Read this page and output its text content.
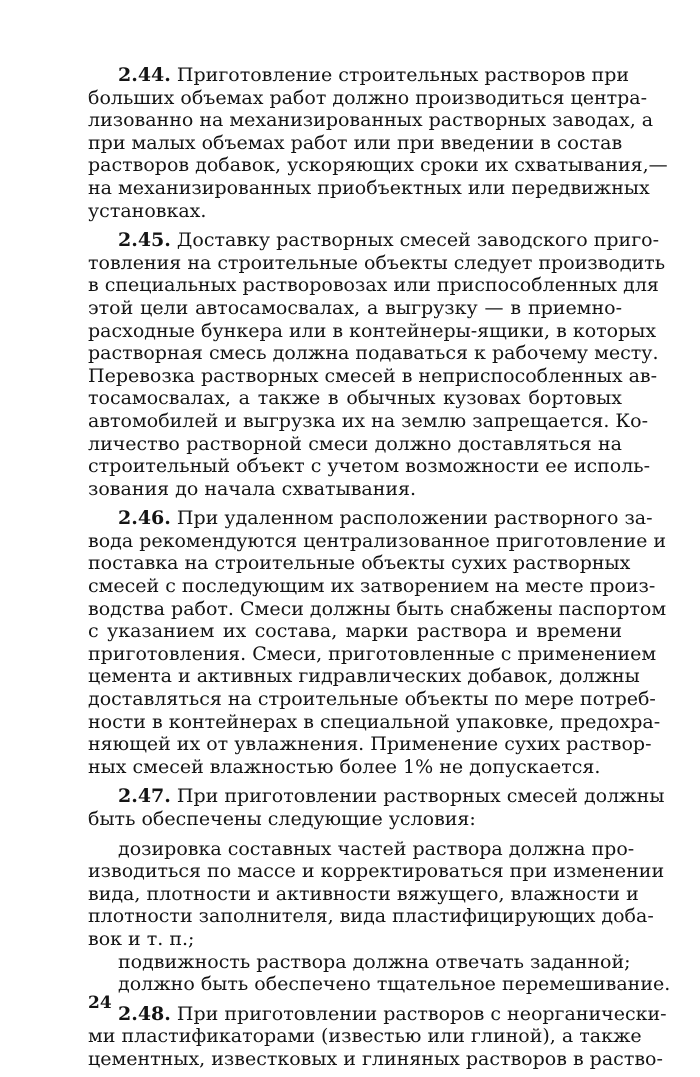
2.44. Приготовление строительных растворов при
больших объемах работ должно производиться центра-
лизованно на механизированных растворных заводах, а
при малых объемах работ или при введении в состав
растворов добавок, ускоряющих сроки их схватывания,—
на механизированных приобъектных или передвижных
установках.
2.45. Доставку растворных смесей заводского приго-
товления на строительные объекты следует производить
в специальных растворовозах или приспособленных для
этой цели автосамосвалах, а выгрузку — в приемно-
расходные бункера или в контейнеры-ящики, в которых
растворная смесь должна подаваться к рабочему месту.
Перевозка растворных смесей в неприспособленных ав-
тосамосвалах, а также в обычных кузовах бортовых
автомобилей и выгрузка их на землю запрещается. Ко-
личество растворной смеси должно доставляться на
строительный объект с учетом возможности ее исполь-
зования до начала схватывания.
2.46. При удаленном расположении растворного за-
вода рекомендуются централизованное приготовление и
поставка на строительные объекты сухих растворных
смесей с последующим их затворением на месте произ-
водства работ. Смеси должны быть снабжены паспортом
с указанием их состава, марки раствора и времени
приготовления. Смеси, приготовленные с применением
цемента и активных гидравлических добавок, должны
доставляться на строительные объекты по мере потреб-
ности в контейнерах в специальной упаковке, предохра-
няющей их от увлажнения. Применение сухих раствор-
ных смесей влажностью более 1% не допускается.
2.47. При приготовлении растворных смесей должны
быть обеспечены следующие условия:
дозировка составных частей раствора должна про-
изводиться по массе и корректироваться при изменении
вида, плотности и активности вяжущего, влажности и
плотности заполнителя, вида пластифицирующих доба-
вок и т. п.;
подвижность раствора должна отвечать заданной;
должно быть обеспечено тщательное перемешивание.
2.48. При приготовлении растворов с неорганически-
ми пластификаторами (известью или глиной), а также
цементных, известковых и глиняных растворов в раство-
24
